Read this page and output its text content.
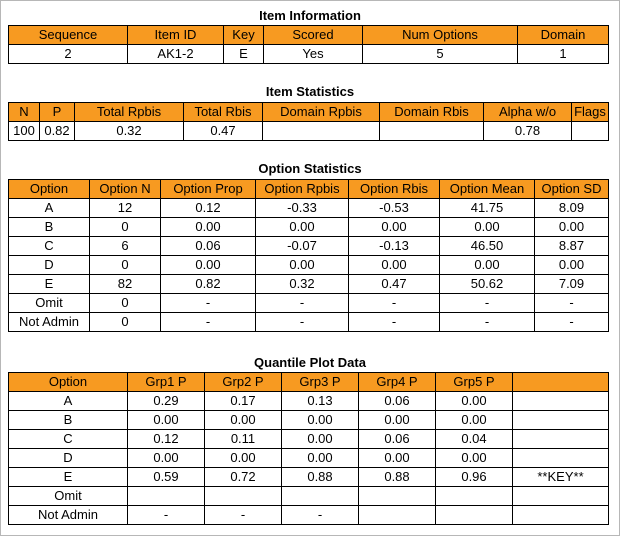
Item Information
Sequence	Item ID	Key	Scored	Num Options	Domain
2	AK1-2	E	Yes	5	1
Item Statistics
N	P	Total Rpbis	Total Rbis	Domain Rpbis	Domain Rbis	Alpha w/o	Flags
100	0.82	0.32	0.47			0.78	
Option Statistics
Option	Option N	Option Prop	Option Rpbis	Option Rbis	Option Mean	Option SD
A	12	0.12	-0.33	-0.53	41.75	8.09
B	0	0.00	0.00	0.00	0.00	0.00
C	6	0.06	-0.07	-0.13	46.50	8.87
D	0	0.00	0.00	0.00	0.00	0.00
E	82	0.82	0.32	0.47	50.62	7.09
Omit	0	-	-	-	-	-
Not Admin	0	-	-	-	-	-
Quantile Plot Data
Option	Grp1 P	Grp2 P	Grp3 P	Grp4 P	Grp5 P	
A	0.29	0.17	0.13	0.06	0.00	
B	0.00	0.00	0.00	0.00	0.00	
C	0.12	0.11	0.00	0.06	0.04	
D	0.00	0.00	0.00	0.00	0.00	
E	0.59	0.72	0.88	0.88	0.96	**KEY**
Omit						
Not Admin	-	-	-			
